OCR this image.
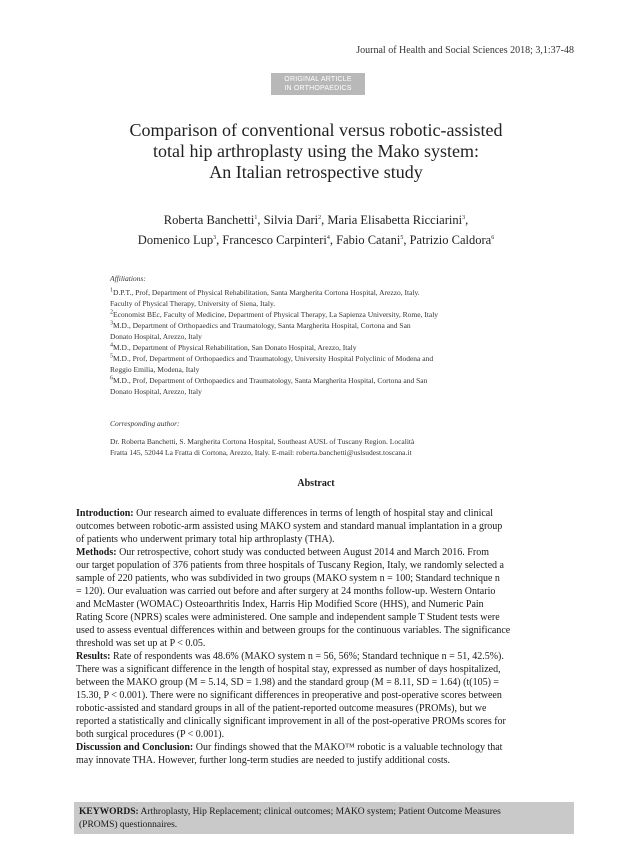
Journal of Health and Social Sciences 2018; 3,1:37-48
ORIGINAL ARTICLE
IN ORTHOPAEDICS
Comparison of conventional versus robotic-assisted
total hip arthroplasty using the Mako system:
An Italian retrospective study
Roberta Banchetti$^1$, Silvia Dari$^2$, Maria Elisabetta Ricciarini$^3$,
Domenico Lup$^3$, Francesco Carpinteri$^4$, Fabio Catani$^5$, Patrizio Caldora$^6$
Affiliations:
$^1$D.P.T., Prof, Department of Physical Rehabilitation, Santa Margherita Cortona Hospital, Arezzo, Italy.
Faculty of Physical Therapy, University of Siena, Italy.
$^2$Economist BEc, Faculty of Medicine, Department of Physical Therapy, La Sapienza University, Rome, Italy
$^3$M.D., Department of Orthopaedics and Traumatology, Santa Margherita Hospital, Cortona and San
Donato Hospital, Arezzo, Italy
$^4$M.D., Department of Physical Rehabilitation, San Donato Hospital, Arezzo, Italy
$^5$M.D., Prof, Department of Orthopaedics and Traumatology, University Hospital Polyclinic of Modena and
Reggio Emilia, Modena, Italy
$^6$M.D., Prof, Department of Orthopaedics and Traumatology, Santa Margherita Hospital, Cortona and San
Donato Hospital, Arezzo, Italy
Corresponding author:
Dr. Roberta Banchetti, S. Margherita Cortona Hospital, Southeast AUSL of Tuscany Region. Località
Fratta 145, 52044 La Fratta di Cortona, Arezzo, Italy. E-mail: roberta.banchetti@uslsudest.toscana.it
Abstract
Introduction: Our research aimed to evaluate differences in terms of length of hospital stay and clinical
outcomes between robotic-arm assisted using MAKO system and standard manual implantation in a group
of patients who underwent primary total hip arthroplasty (THA).
Methods: Our retrospective, cohort study was conducted between August 2014 and March 2016. From
our target population of 376 patients from three hospitals of Tuscany Region, Italy, we randomly selected a
sample of 220 patients, who was subdivided in two groups (MAKO system n = 100; Standard technique n
= 120). Our evaluation was carried out before and after surgery at 24 months follow-up. Western Ontario
and McMaster (WOMAC) Osteoarthritis Index, Harris Hip Modified Score (HHS), and Numeric Pain
Rating Score (NPRS) scales were administered. One sample and independent sample T Student tests were
used to assess eventual differences within and between groups for the continuous variables. The significance
threshold was set up at P < 0.05.
Results: Rate of respondents was 48.6% (MAKO system n = 56, 56%; Standard technique n = 51, 42.5%).
There was a significant difference in the length of hospital stay, expressed as number of days hospitalized,
between the MAKO group (M = 5.14, SD = 1.98) and the standard group (M = 8.11, SD = 1.64) (t(105) =
15.30, P < 0.001). There were no significant differences in preoperative and post-operative scores between
robotic-assisted and standard groups in all of the patient-reported outcome measures (PROMs), but we
reported a statistically and clinically significant improvement in all of the post-operative PROMs scores for
both surgical procedures (P < 0.001).
Discussion and Conclusion: Our findings showed that the MAKO™ robotic is a valuable technology that
may innovate THA. However, further long-term studies are needed to justify additional costs.
KEYWORDS: Arthroplasty, Hip Replacement; clinical outcomes; MAKO system; Patient Outcome Measures
(PROMS) questionnaires.
